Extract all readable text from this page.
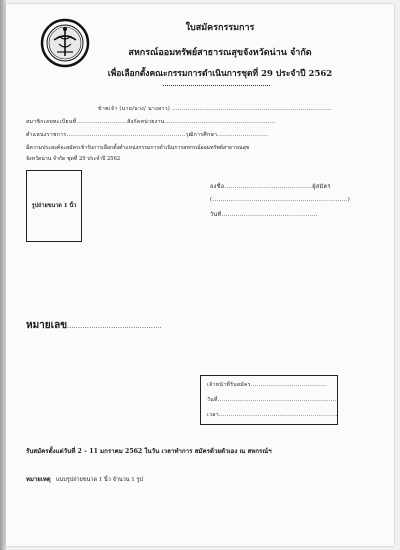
ใบสมัครกรรมการ
สหกรณ์ออมทรัพย์สาธารณสุขจังหวัดน่าน จำกัด
เพื่อเลือกตั้งคณะกรรมการดำเนินการชุดที่ 29 ประจำปี 2562
ข้าพเจ้า (นาย/นาง/ นางสาว) ..................................................................................
สมาชิกเลขทะเบียนที่..........................สังกัดหน่วยงาน.........................................................
ตำแหน่งราชการ.............................................................วุฒิการศึกษา..........................
มีความประสงค์จะสมัครเข้ารับการเลือกตั้งตำแหน่งกรรมการดำเนินการสหกรณ์ออมทรัพย์สาธารณสุข
จังหวัดน่าน จำกัด ชุดที่ 29 ประจำปี 2562
รูปถ่ายขนาด 1 นิ้ว
ลงชื่อ...........................................ผู้สมัคร
(..................................................................)
วันที่...............................................
หมายเลข...........................................
เจ้าหน้าที่รับสมัคร.......................................
วันที่.............................................................
เวลา.............................................................
รับสมัครตั้งแต่วันที่ 2 – 11 มกราคม 2562 ในวัน เวลาทำการ สมัครด้วยตัวเอง ณ สหกรณ์ฯ
หมายเหตุ แนบรูปถ่ายขนาด 1 นิ้ว จำนวน 1 รูป
